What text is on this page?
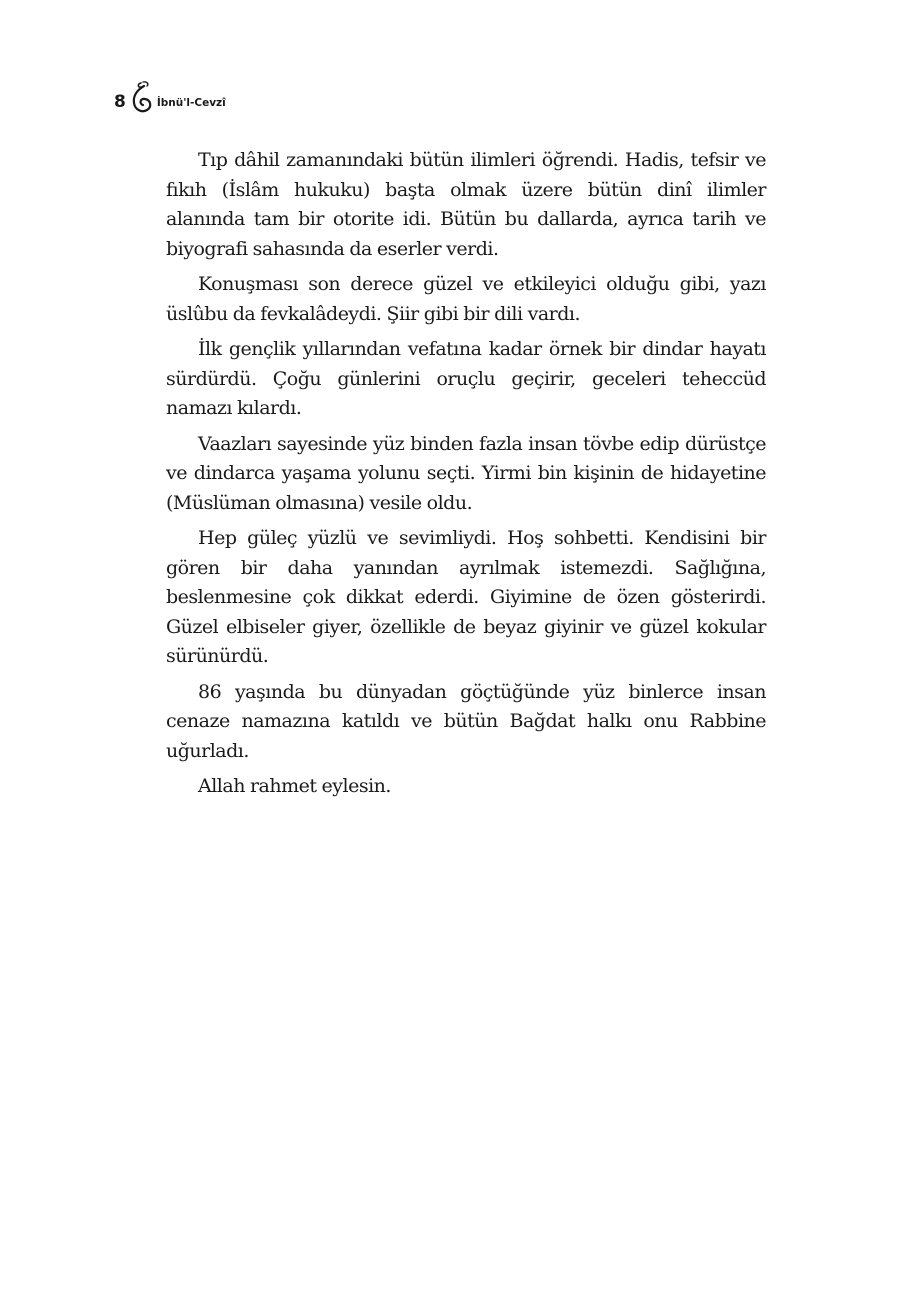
8	İbnü'l-Cevzî

Tıp dâhil zamanındaki bütün ilimleri öğrendi. Hadis, tefsir ve fıkıh (İslâm hukuku) başta olmak üzere bütün dinî ilimler alanında tam bir otorite idi. Bütün bu dallarda, ayrıca tarih ve biyografi sahasında da eserler verdi.

Konuşması son derece güzel ve etkileyici olduğu gibi, yazı üslûbu da fevkalâdeydi. Şiir gibi bir dili vardı.

İlk gençlik yıllarından vefatına kadar örnek bir dindar hayatı sürdürdü. Çoğu günlerini oruçlu geçirir, geceleri teheccüd namazı kılardı.

Vaazları sayesinde yüz binden fazla insan tövbe edip dürüstçe ve dindarca yaşama yolunu seçti. Yirmi bin kişinin de hidayetine (Müslüman olmasına) vesile oldu.

Hep güleç yüzlü ve sevimliydi. Hoş sohbetti. Kendisini bir gören bir daha yanından ayrılmak istemezdi. Sağlığına, beslenmesine çok dikkat ederdi. Giyimine de özen gösterirdi. Güzel elbiseler giyer, özellikle de beyaz giyinir ve güzel kokular sürünürdü.

86 yaşında bu dünyadan göçtüğünde yüz binlerce insan cenaze namazına katıldı ve bütün Bağdat halkı onu Rabbine uğurladı.

Allah rahmet eylesin.
